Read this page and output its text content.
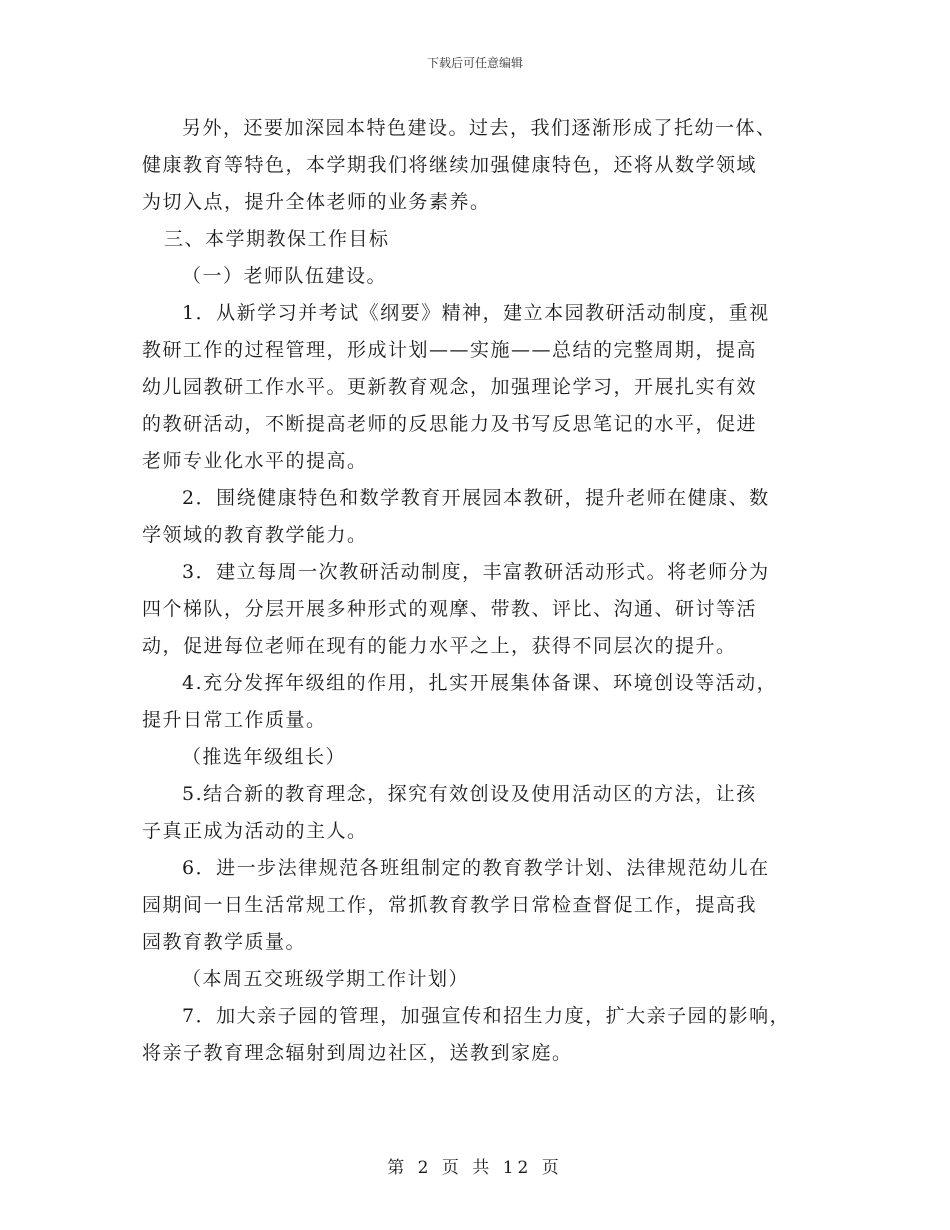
下载后可任意编辑
另外，还要加深园本特色建设。过去，我们逐渐形成了托幼一体、
健康教育等特色，本学期我们将继续加强健康特色，还将从数学领域
为切入点，提升全体老师的业务素养。
三、本学期教保工作目标
（一）老师队伍建设。
1．从新学习并考试《纲要》精神，建立本园教研活动制度，重视
教研工作的过程管理，形成计划——实施——总结的完整周期，提高
幼儿园教研工作水平。更新教育观念，加强理论学习，开展扎实有效
的教研活动，不断提高老师的反思能力及书写反思笔记的水平，促进
老师专业化水平的提高。
2．围绕健康特色和数学教育开展园本教研，提升老师在健康、数
学领域的教育教学能力。
3．建立每周一次教研活动制度，丰富教研活动形式。将老师分为
四个梯队，分层开展多种形式的观摩、带教、评比、沟通、研讨等活
动，促进每位老师在现有的能力水平之上，获得不同层次的提升。
4.充分发挥年级组的作用，扎实开展集体备课、环境创设等活动，
提升日常工作质量。
（推选年级组长）
5.结合新的教育理念，探究有效创设及使用活动区的方法，让孩
子真正成为活动的主人。
6．进一步法律规范各班组制定的教育教学计划、法律规范幼儿在
园期间一日生活常规工作，常抓教育教学日常检查督促工作，提高我
园教育教学质量。
（本周五交班级学期工作计划）
7．加大亲子园的管理，加强宣传和招生力度，扩大亲子园的影响，
将亲子教育理念辐射到周边社区，送教到家庭。
第 2 页 共 12 页
